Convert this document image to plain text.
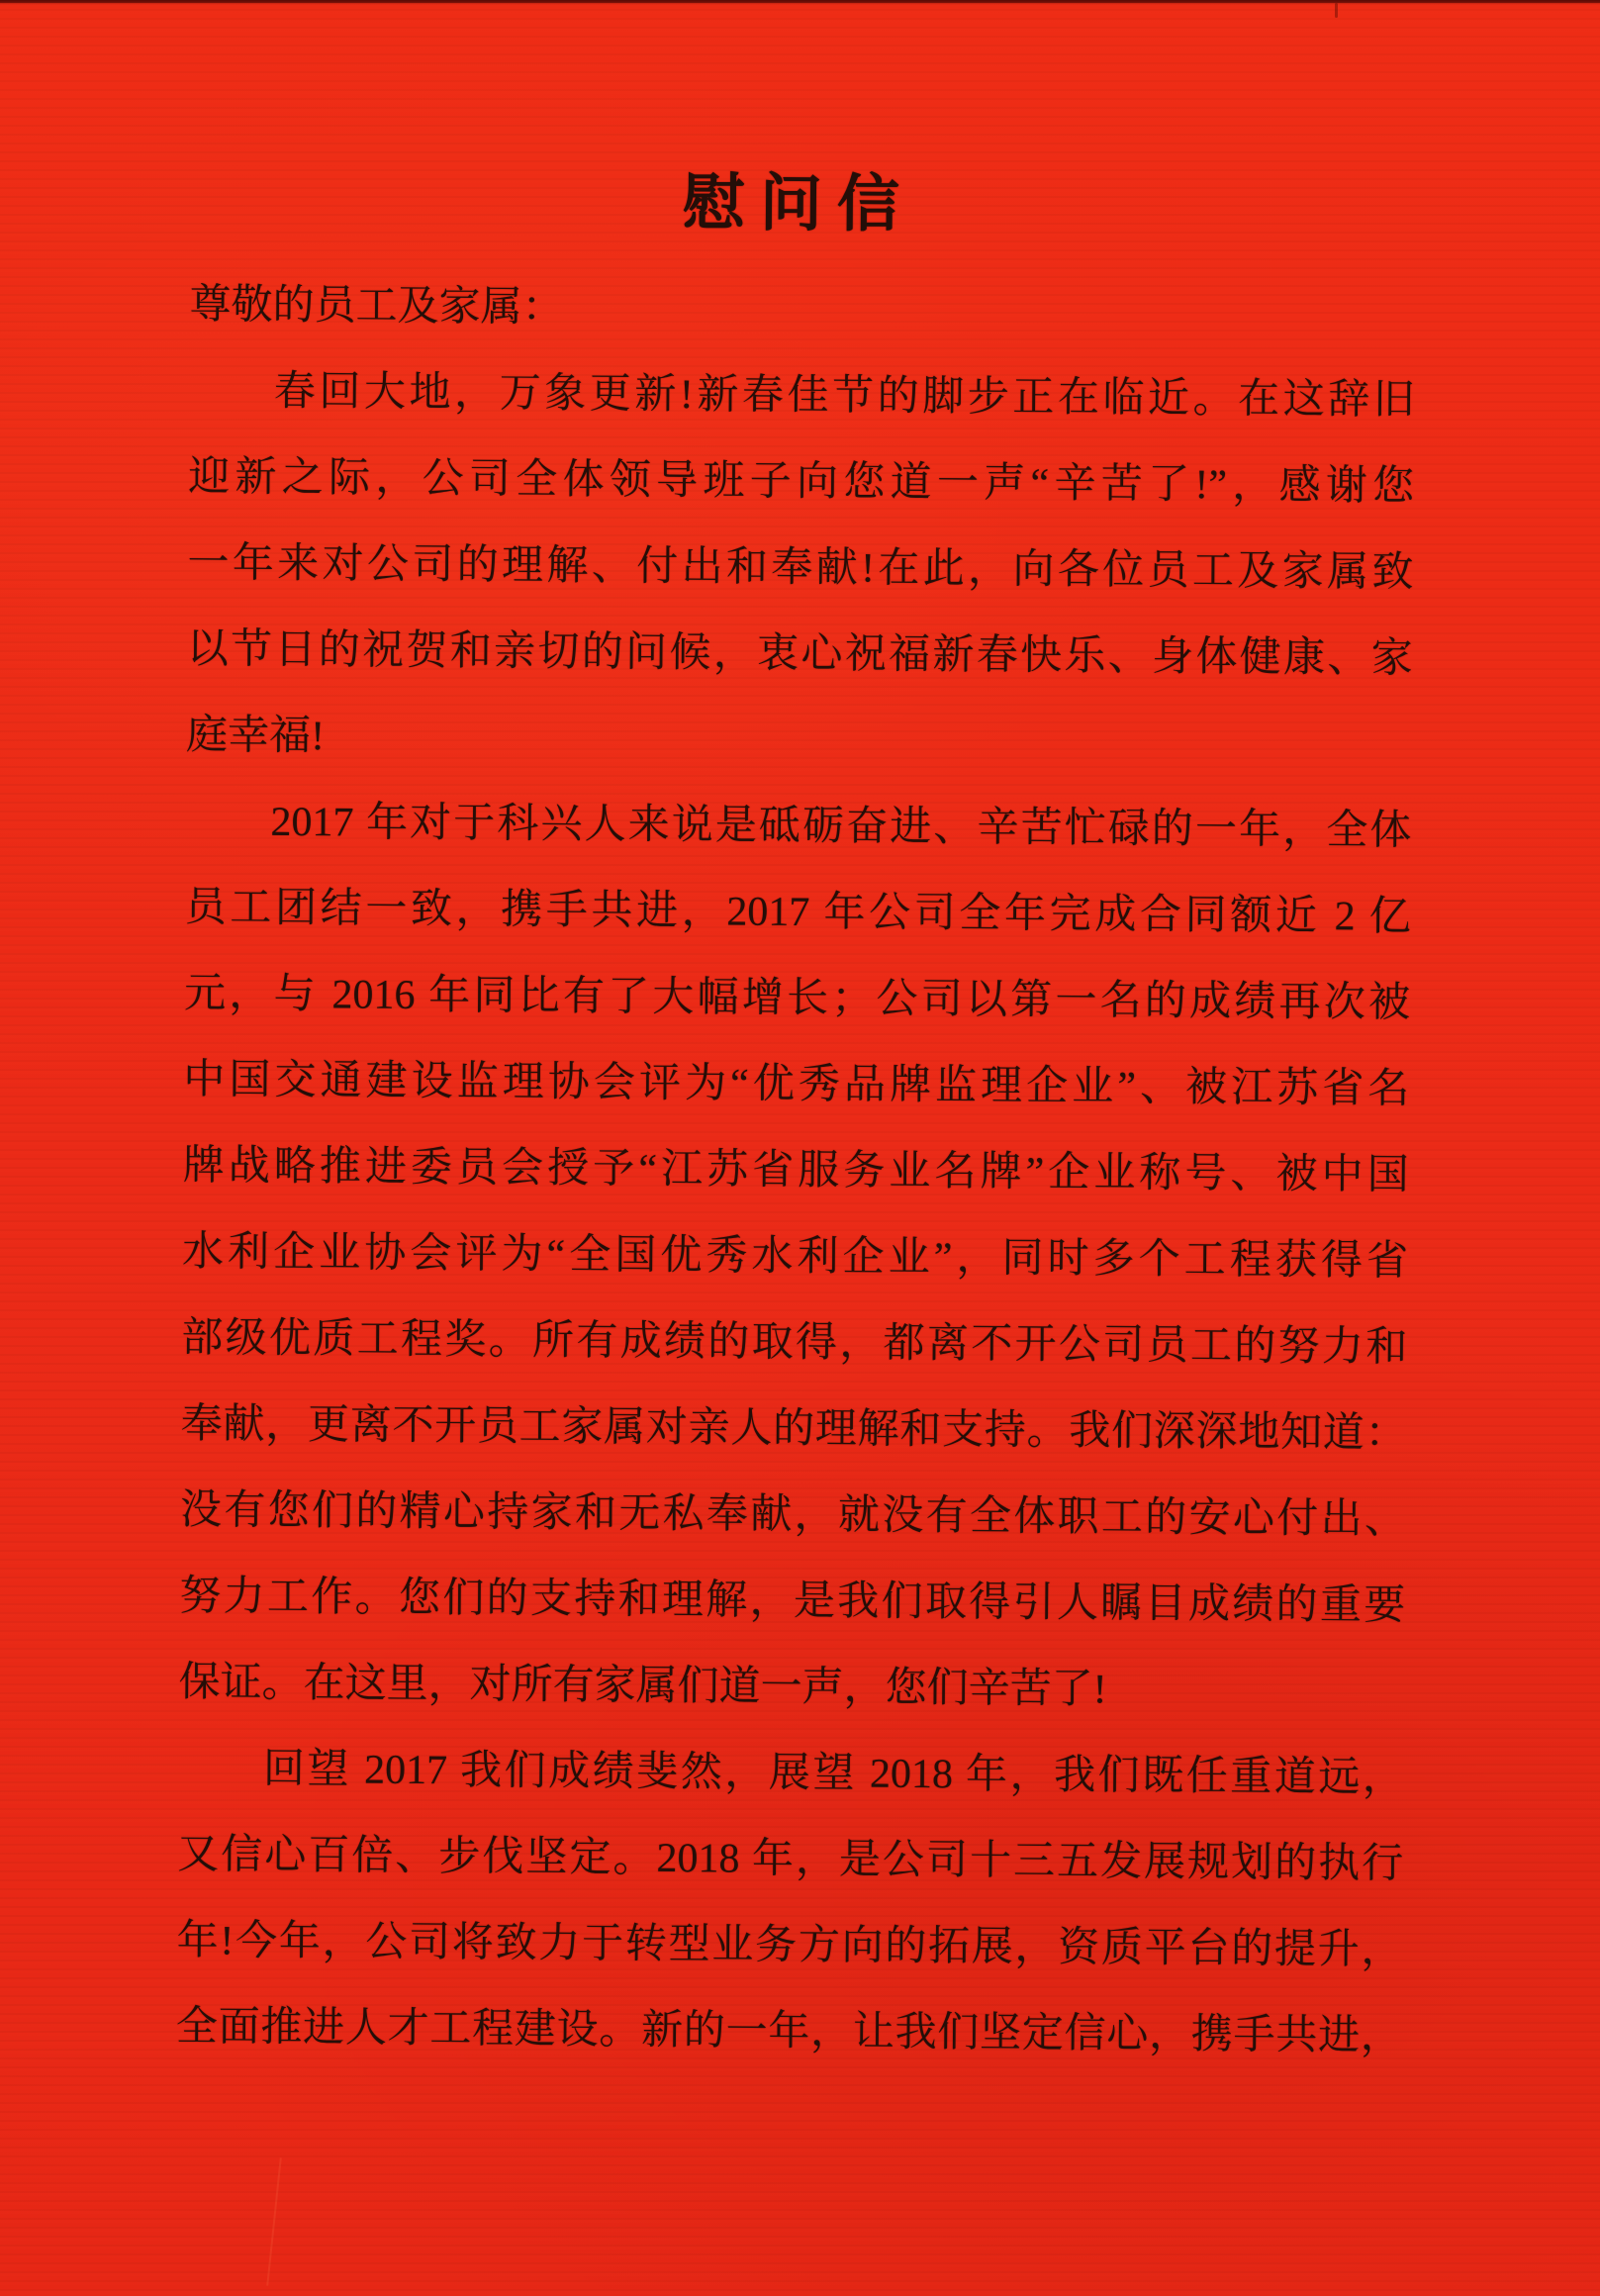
慰问信
尊敬的员工及家属：
春回大地，万象更新!新春佳节的脚步正在临近。在这辞旧
迎新之际，公司全体领导班子向您道一声“辛苦了!”，感谢您
一年来对公司的理解、付出和奉献!在此，向各位员工及家属致
以节日的祝贺和亲切的问候，衷心祝福新春快乐、身体健康、家
庭幸福!
2017 年对于科兴人来说是砥砺奋进、辛苦忙碌的一年，全体
员工团结一致，携手共进，2017 年公司全年完成合同额近 2 亿
元，与 2016 年同比有了大幅增长；公司以第一名的成绩再次被
中国交通建设监理协会评为“优秀品牌监理企业”、被江苏省名
牌战略推进委员会授予“江苏省服务业名牌”企业称号、被中国
水利企业协会评为“全国优秀水利企业”，同时多个工程获得省
部级优质工程奖。所有成绩的取得，都离不开公司员工的努力和
奉献，更离不开员工家属对亲人的理解和支持。我们深深地知道：
没有您们的精心持家和无私奉献，就没有全体职工的安心付出、
努力工作。您们的支持和理解，是我们取得引人瞩目成绩的重要
保证。在这里，对所有家属们道一声，您们辛苦了!
回望 2017 我们成绩斐然，展望 2018 年，我们既任重道远，
又信心百倍、步伐坚定。2018 年，是公司十三五发展规划的执行
年!今年，公司将致力于转型业务方向的拓展，资质平台的提升，
全面推进人才工程建设。新的一年，让我们坚定信心，携手共进，
